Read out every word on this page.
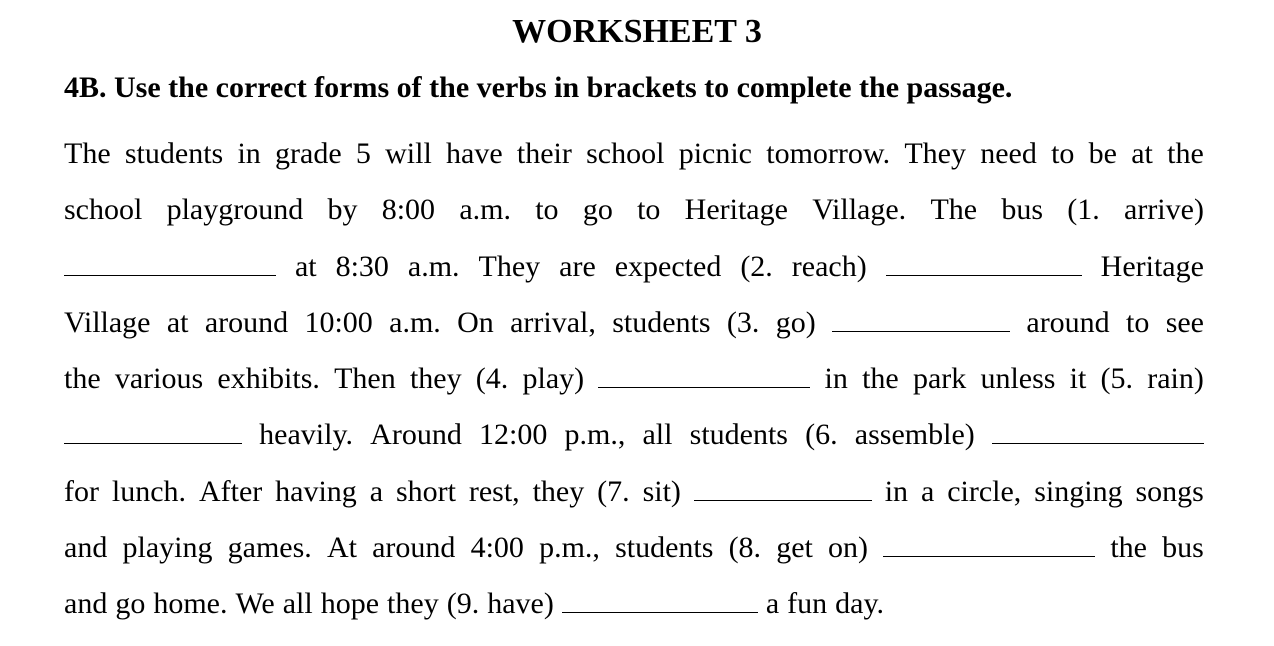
WORKSHEET 3
4B. Use the correct forms of the verbs in brackets to complete the passage.
The students in grade 5 will have their school picnic tomorrow. They need to be at the
school playground by 8:00 a.m. to go to Heritage Village. The bus (1. arrive)
at 8:30 a.m. They are expected (2. reach)	Heritage
Village at around 10:00 a.m. On arrival, students (3. go)	around to see
the various exhibits. Then they (4. play)	in the park unless it (5. rain)
heavily. Around 12:00 p.m., all students (6. assemble)
for lunch. After having a short rest, they (7. sit)	in a circle, singing songs
and playing games. At around 4:00 p.m., students (8. get on)	the bus
and go home. We all hope they (9. have)	a fun day.
